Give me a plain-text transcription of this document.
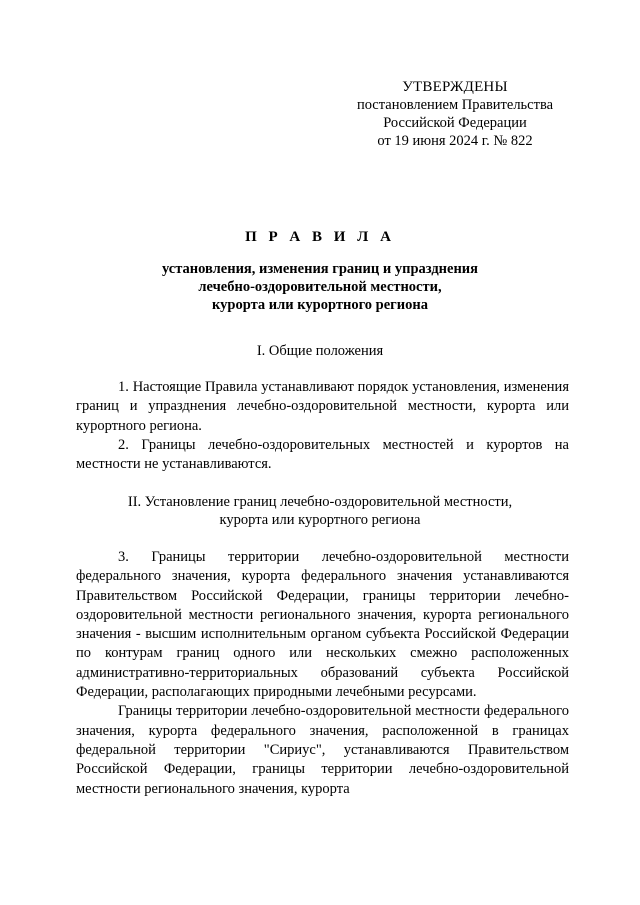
УТВЕРЖДЕНЫ
постановлением Правительства
Российской Федерации
от 19 июня 2024 г. № 822
П Р А В И Л А
установления, изменения границ и упразднения
лечебно-оздоровительной местности,
курорта или курортного региона
I. Общие положения

1. Настоящие Правила устанавливают порядок установления, изменения границ и упразднения лечебно-оздоровительной местности, курорта или курортного региона.

2. Границы лечебно-оздоровительных местностей и курортов на местности не устанавливаются.

II. Установление границ лечебно-оздоровительной местности,
курорта или курортного региона

3. Границы территории лечебно-оздоровительной местности федерального значения, курорта федерального значения устанавливаются Правительством Российской Федерации, границы территории лечебно-оздоровительной местности регионального значения, курорта регионального значения - высшим исполнительным органом субъекта Российской Федерации по контурам границ одного или нескольких смежно расположенных административно-территориальных образований субъекта Российской Федерации, располагающих природными лечебными ресурсами.

Границы территории лечебно-оздоровительной местности федерального значения, курорта федерального значения, расположенной в границах федеральной территории "Сириус", устанавливаются Правительством Российской Федерации, границы территории лечебно-оздоровительной местности регионального значения, курорта
